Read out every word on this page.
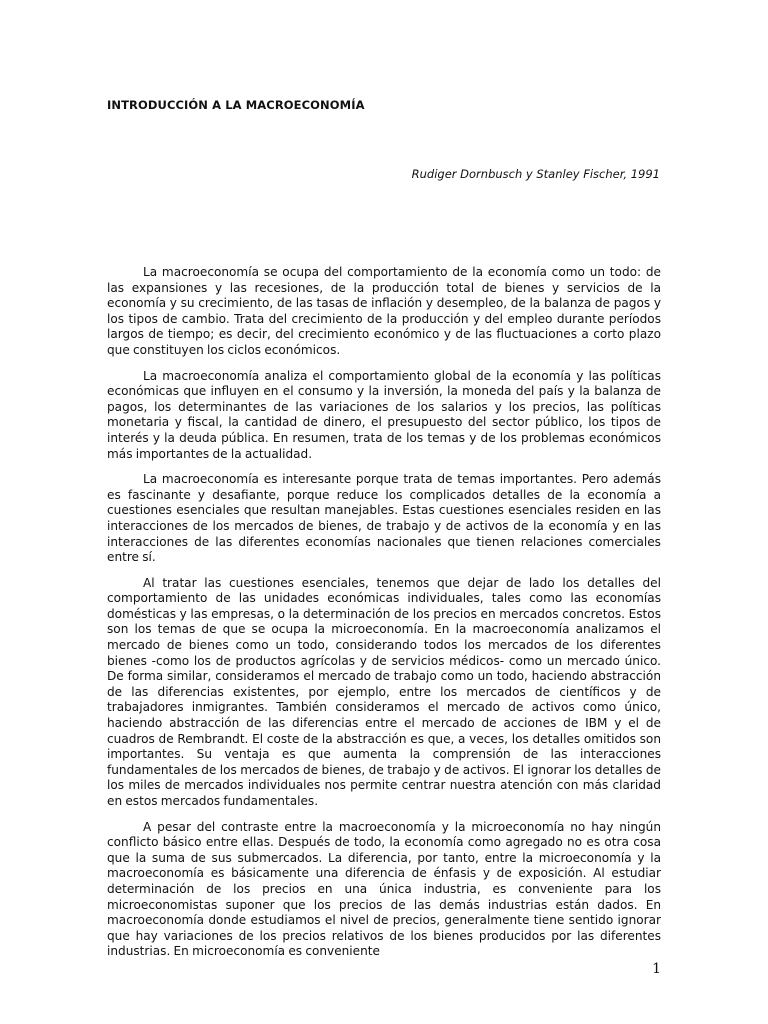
INTRODUCCIÓN A LA MACROECONOMÍA

Rudiger Dornbusch y Stanley Fischer, 1991

La macroeconomía se ocupa del comportamiento de la economía como un todo: de las expansiones y las recesiones, de la producción total de bienes y servicios de la economía y su crecimiento, de las tasas de inflación y desempleo, de la balanza de pagos y los tipos de cambio. Trata del crecimiento de la producción y del empleo durante períodos largos de tiempo; es decir, del crecimiento económico y de las fluctuaciones a corto plazo que constituyen los ciclos económicos.

La macroeconomía analiza el comportamiento global de la economía y las políticas económicas que influyen en el consumo y la inversión, la moneda del país y la balanza de pagos, los determinantes de las variaciones de los salarios y los precios, las políticas monetaria y fiscal, la cantidad de dinero, el presupuesto del sector público, los tipos de interés y la deuda pública. En resumen, trata de los temas y de los problemas económicos más importantes de la actualidad.

La macroeconomía es interesante porque trata de temas importantes. Pero además es fascinante y desafiante, porque reduce los complicados detalles de la economía a cuestiones esenciales que resultan manejables. Estas cuestiones esenciales residen en las interacciones de los mercados de bienes, de trabajo y de activos de la economía y en las interacciones de las diferentes economías nacionales que tienen relaciones comerciales entre sí.

Al tratar las cuestiones esenciales, tenemos que dejar de lado los detalles del comportamiento de las unidades económicas individuales, tales como las economías domésticas y las empresas, o la determinación de los precios en mercados concretos. Estos son los temas de que se ocupa la microeconomía. En la macroeconomía analizamos el mercado de bienes como un todo, considerando todos los mercados de los diferentes bienes -como los de productos agrícolas y de servicios médicos- como un mercado único. De forma similar, consideramos el mercado de trabajo como un todo, haciendo abstracción de las diferencias existentes, por ejemplo, entre los mercados de científicos y de trabajadores inmigrantes. También consideramos el mercado de activos como único, haciendo abstracción de las diferencias entre el mercado de acciones de IBM y el de cuadros de Rembrandt. El coste de la abstracción es que, a veces, los detalles omitidos son importantes. Su ventaja es que aumenta la comprensión de las interacciones fundamentales de los mercados de bienes, de trabajo y de activos. El ignorar los detalles de los miles de mercados individuales nos permite centrar nuestra atención con más claridad en estos mercados fundamentales.

A pesar del contraste entre la macroeconomía y la microeconomía no hay ningún conflicto básico entre ellas. Después de todo, la economía como agregado no es otra cosa que la suma de sus submercados. La diferencia, por tanto, entre la microeconomía y la macroeconomía es básicamente una diferencia de énfasis y de exposición. Al estudiar determinación de los precios en una única industria, es conveniente para los microeconomistas suponer que los precios de las demás industrias están dados. En macroeconomía donde estudiamos el nivel de precios, generalmente tiene sentido ignorar que hay variaciones de los precios relativos de los bienes producidos por las diferentes industrias. En microeconomía es conveniente

1
